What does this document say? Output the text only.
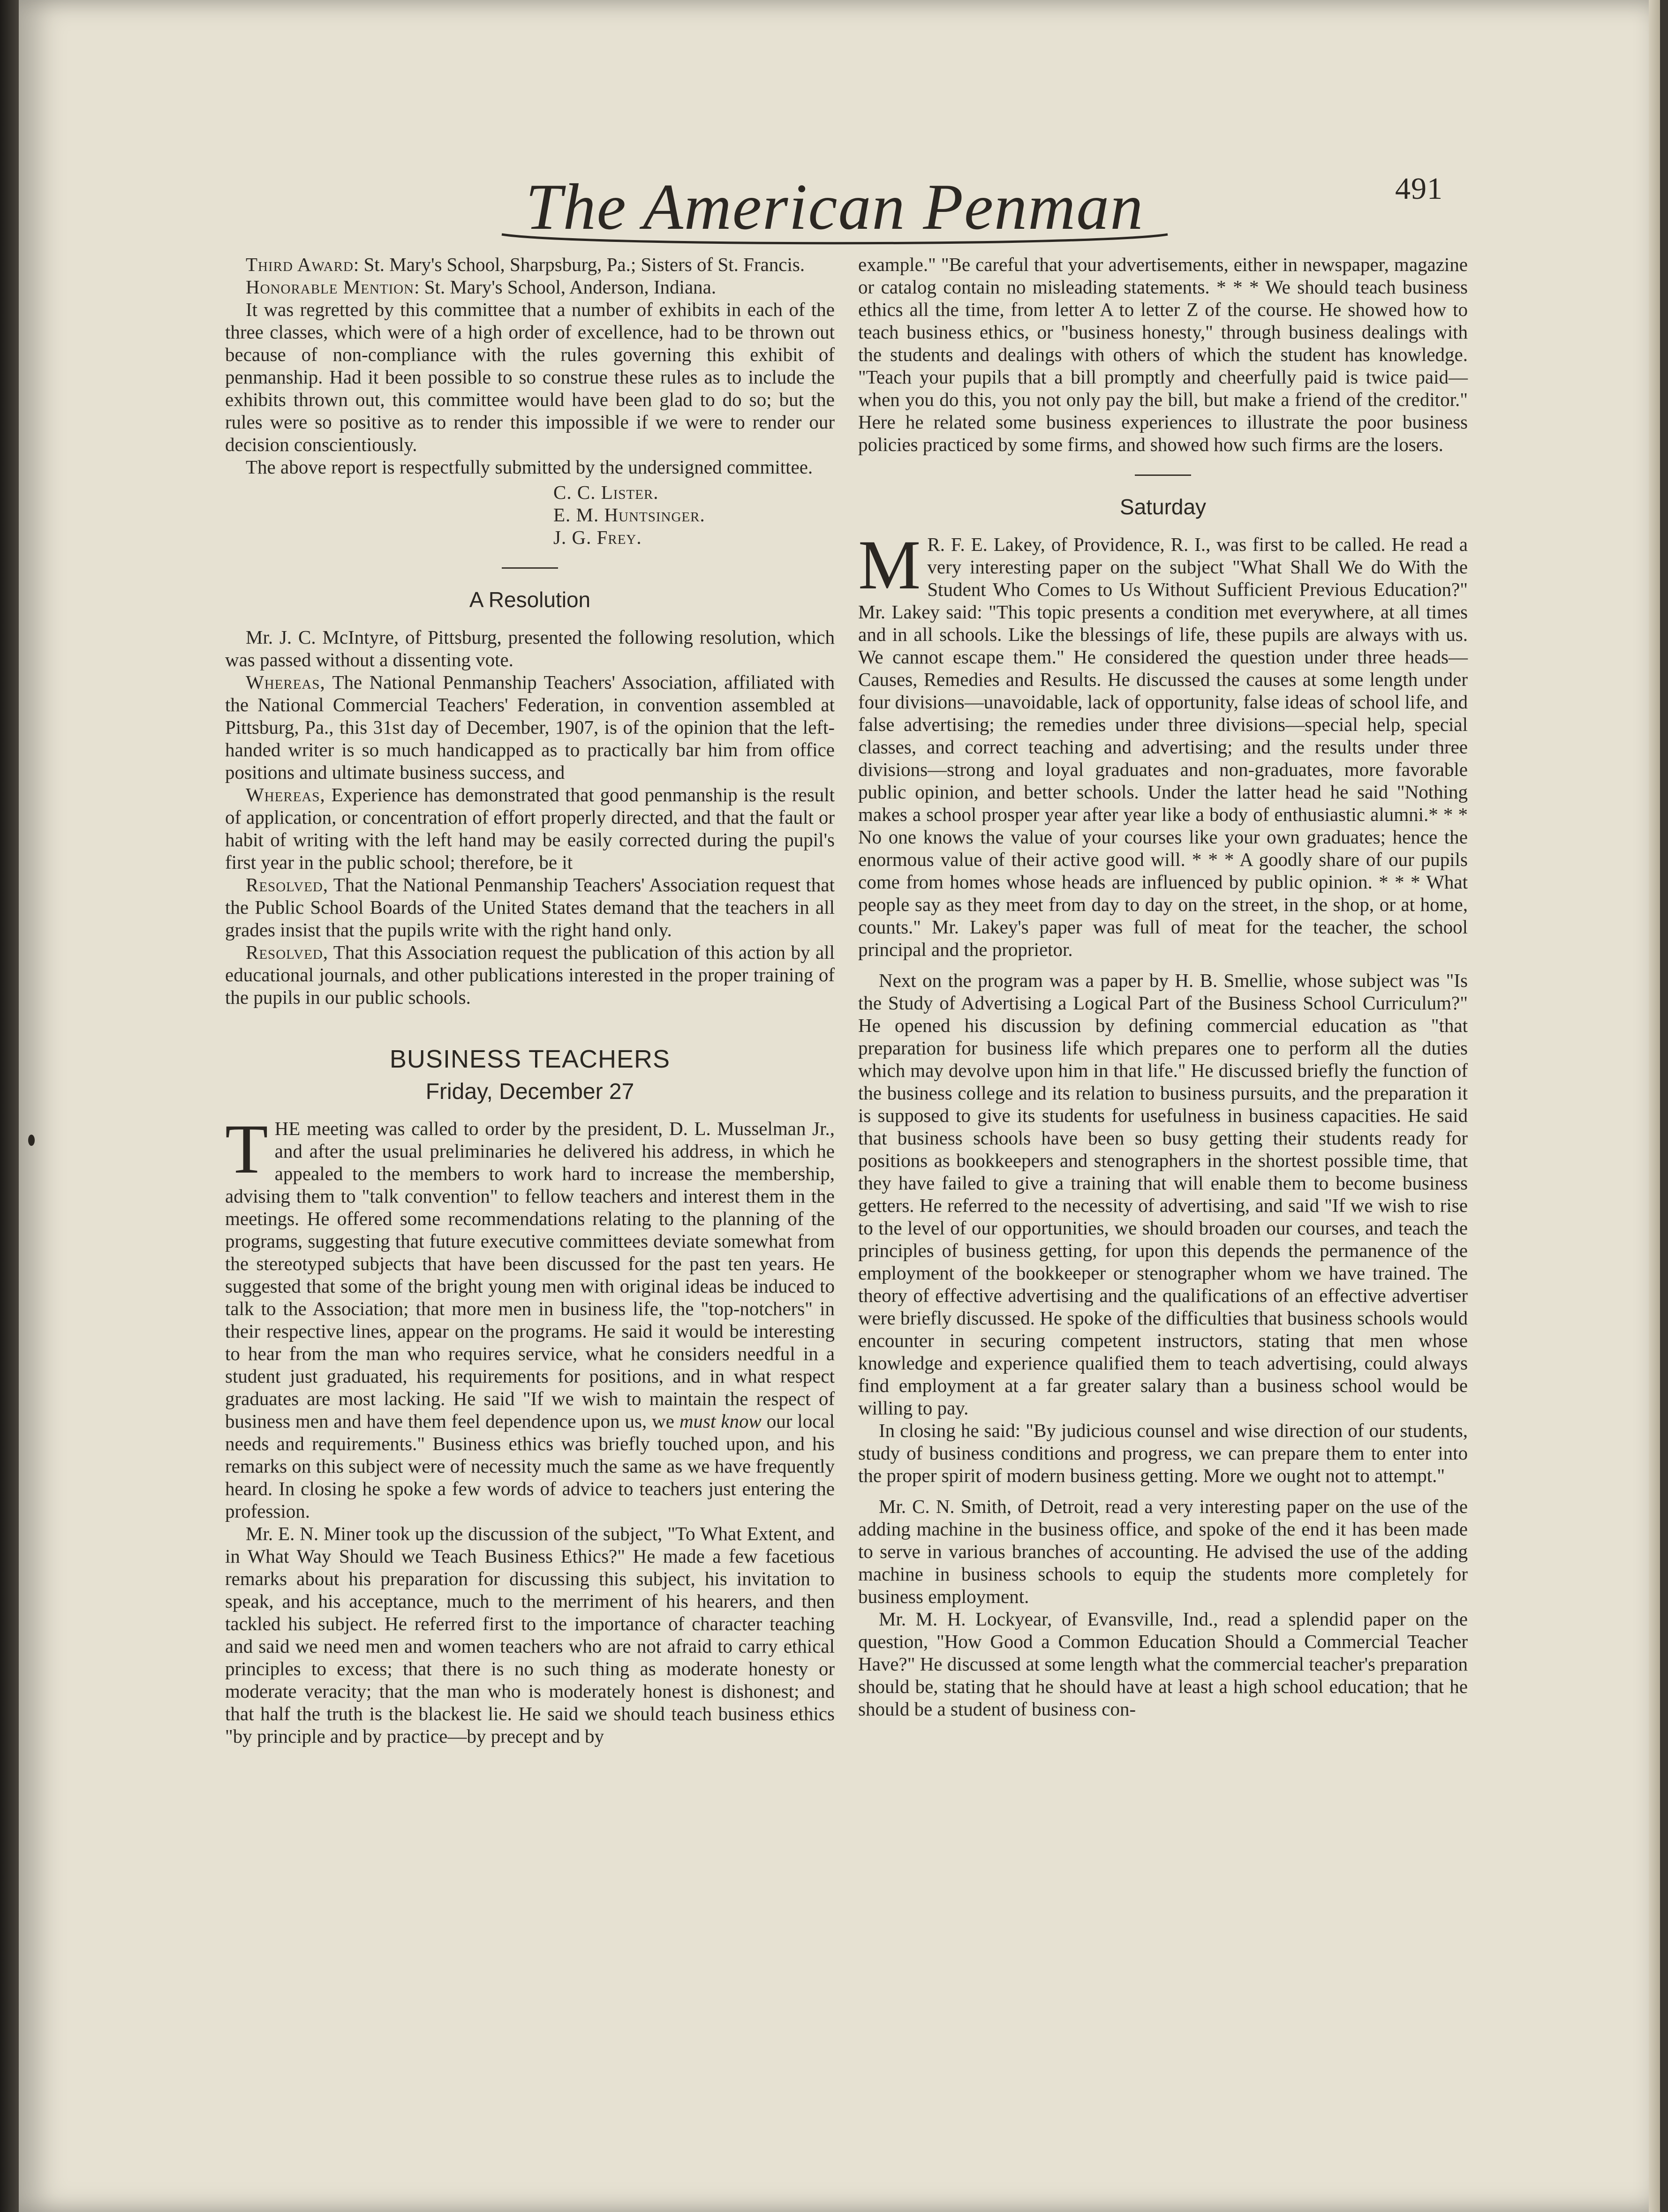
The American Penman	491

Third Award: St. Mary's School, Sharpsburg, Pa.; Sisters of St. Francis.

Honorable Mention: St. Mary's School, Anderson, Indiana.

It was regretted by this committee that a number of exhibits in each of the three classes, which were of a high order of excellence, had to be thrown out because of non-compliance with the rules governing this exhibit of penmanship. Had it been possible to so construe these rules as to include the exhibits thrown out, this committee would have been glad to do so; but the rules were so positive as to render this impossible if we were to render our decision conscientiously.

The above report is respectfully submitted by the undersigned committee.

C. C. Lister.
E. M. Huntsinger.
J. G. Frey.
A Resolution

Mr. J. C. McIntyre, of Pittsburg, presented the following resolution, which was passed without a dissenting vote.

Whereas, The National Penmanship Teachers' Association, affiliated with the National Commercial Teachers' Federation, in convention assembled at Pittsburg, Pa., this 31st day of December, 1907, is of the opinion that the left-handed writer is so much handicapped as to practically bar him from office positions and ultimate business success, and

Whereas, Experience has demonstrated that good penmanship is the result of application, or concentration of effort properly directed, and that the fault or habit of writing with the left hand may be easily corrected during the pupil's first year in the public school; therefore, be it

Resolved, That the National Penmanship Teachers' Association request that the Public School Boards of the United States demand that the teachers in all grades insist that the pupils write with the right hand only.

Resolved, That this Association request the publication of this action by all educational journals, and other publications interested in the proper training of the pupils in our public schools.

BUSINESS TEACHERS
Friday, December 27

THE meeting was called to order by the president, D. L. Musselman Jr., and after the usual preliminaries he delivered his address, in which he appealed to the members to work hard to increase the membership, advising them to "talk convention" to fellow teachers and interest them in the meetings. He offered some recommendations relating to the planning of the programs, suggesting that future executive committees deviate somewhat from the stereotyped subjects that have been discussed for the past ten years. He suggested that some of the bright young men with original ideas be induced to talk to the Association; that more men in business life, the "top-notchers" in their respective lines, appear on the programs. He said it would be interesting to hear from the man who requires service, what he considers needful in a student just graduated, his requirements for positions, and in what respect graduates are most lacking. He said "If we wish to maintain the respect of business men and have them feel dependence upon us, we must know our local needs and requirements." Business ethics was briefly touched upon, and his remarks on this subject were of necessity much the same as we have frequently heard. In closing he spoke a few words of advice to teachers just entering the profession.

Mr. E. N. Miner took up the discussion of the subject, "To What Extent, and in What Way Should we Teach Business Ethics?" He made a few facetious remarks about his preparation for discussing this subject, his invitation to speak, and his acceptance, much to the merriment of his hearers, and then tackled his subject. He referred first to the importance of character teaching and said we need men and women teachers who are not afraid to carry ethical principles to excess; that there is no such thing as moderate honesty or moderate veracity; that the man who is moderately honest is dishonest; and that half the truth is the blackest lie. He said we should teach business ethics "by principle and by practice—by precept and by

example." "Be careful that your advertisements, either in newspaper, magazine or catalog contain no misleading statements. * * * We should teach business ethics all the time, from letter A to letter Z of the course. He showed how to teach business ethics, or "business honesty," through business dealings with the students and dealings with others of which the student has knowledge. "Teach your pupils that a bill promptly and cheerfully paid is twice paid—when you do this, you not only pay the bill, but make a friend of the creditor." Here he related some business experiences to illustrate the poor business policies practiced by some firms, and showed how such firms are the losers.

Saturday

M R. F. E. Lakey, of Providence, R. I., was first to be called. He read a very interesting paper on the subject "What Shall We do With the Student Who Comes to Us Without Sufficient Previous Education?" Mr. Lakey said: "This topic presents a condition met everywhere, at all times and in all schools. Like the blessings of life, these pupils are always with us. We cannot escape them." He considered the question under three heads—Causes, Remedies and Results. He discussed the causes at some length under four divisions—unavoidable, lack of opportunity, false ideas of school life, and false advertising; the remedies under three divisions—special help, special classes, and correct teaching and advertising; and the results under three divisions—strong and loyal graduates and non-graduates, more favorable public opinion, and better schools. Under the latter head he said "Nothing makes a school prosper year after year like a body of enthusiastic alumni.* * * No one knows the value of your courses like your own graduates; hence the enormous value of their active good will. * * * A goodly share of our pupils come from homes whose heads are influenced by public opinion. * * * What people say as they meet from day to day on the street, in the shop, or at home, counts." Mr. Lakey's paper was full of meat for the teacher, the school principal and the proprietor.

Next on the program was a paper by H. B. Smellie, whose subject was "Is the Study of Advertising a Logical Part of the Business School Curriculum?" He opened his discussion by defining commercial education as "that preparation for business life which prepares one to perform all the duties which may devolve upon him in that life." He discussed briefly the function of the business college and its relation to business pursuits, and the preparation it is supposed to give its students for usefulness in business capacities. He said that business schools have been so busy getting their students ready for positions as bookkeepers and stenographers in the shortest possible time, that they have failed to give a training that will enable them to become business getters. He referred to the necessity of advertising, and said "If we wish to rise to the level of our opportunities, we should broaden our courses, and teach the principles of business getting, for upon this depends the permanence of the employment of the bookkeeper or stenographer whom we have trained. The theory of effective advertising and the qualifications of an effective advertiser were briefly discussed. He spoke of the difficulties that business schools would encounter in securing competent instructors, stating that men whose knowledge and experience qualified them to teach advertising, could always find employment at a far greater salary than a business school would be willing to pay.

In closing he said: "By judicious counsel and wise direction of our students, study of business conditions and progress, we can prepare them to enter into the proper spirit of modern business getting. More we ought not to attempt."

Mr. C. N. Smith, of Detroit, read a very interesting paper on the use of the adding machine in the business office, and spoke of the end it has been made to serve in various branches of accounting. He advised the use of the adding machine in business schools to equip the students more completely for business employment.

Mr. M. H. Lockyear, of Evansville, Ind., read a splendid paper on the question, "How Good a Common Education Should a Commercial Teacher Have?" He discussed at some length what the commercial teacher's preparation should be, stating that he should have at least a high school education; that he should be a student of business con-
